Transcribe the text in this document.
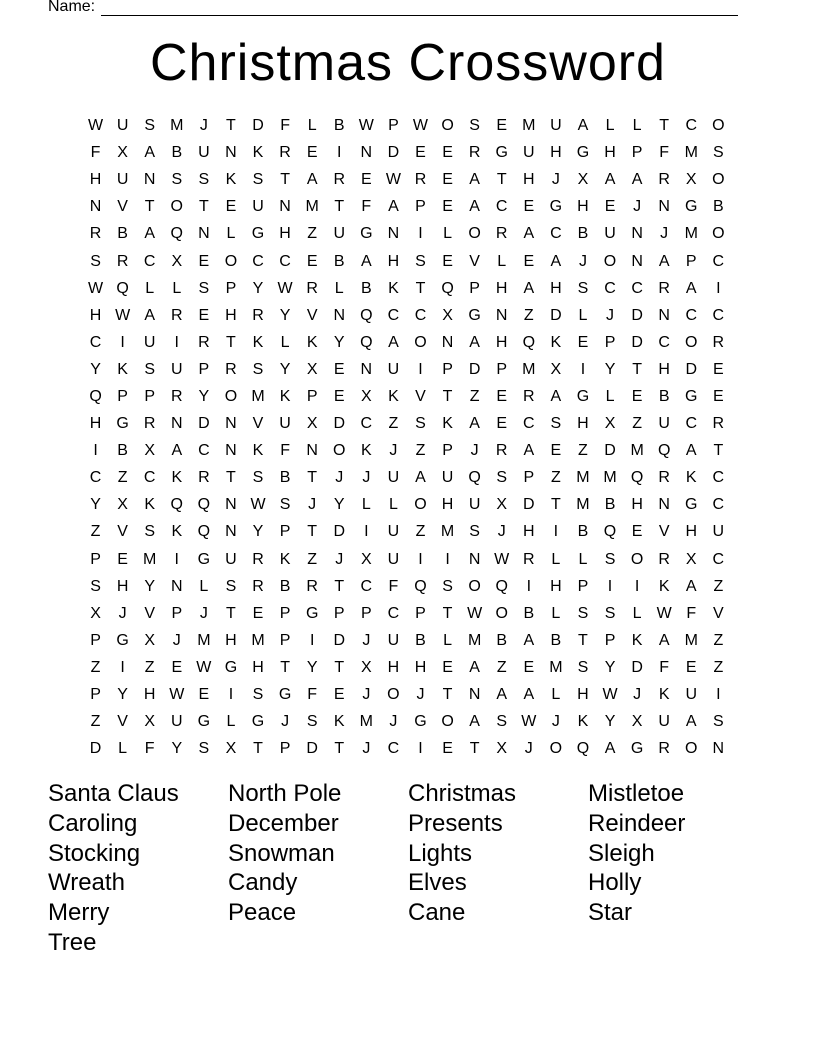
Name:
Christmas Crossword
W U S M	J	T	D	F	L	B W P W O S	E M U A	L	L	T	C O
F	X	A	B U N K R E	I	N D E	E R G U H G H P	F M S
H U N S	S	K	S	T	A R E W R E	A	T	H	J	X	A	A R X O
N V	T O T	E U N M T	F	A	P	E	A C E G H E	J	N G B
R B	A Q N	L	G H	Z	U G N	I	L	O R A C B U N	J	M O
S R C X	E O C C E	B	A H S	E	V	L	E	A	J	O N A	P C
W Q	L	L	S	P	Y W R	L	B	K	T Q P H A H S C C R A	I
H W A R E H R Y	V N Q C C X G N	Z	D	L	J	D N C C
C	I	U	I	R	T	K	L	K	Y Q A O N A H Q K	E	P D C O R
Y	K	S U P R S	Y	X	E N U	I	P D P M X	I	Y	T	H D E
Q P	P R Y O M K	P	E	X	K	V	T	Z	E R A G	L	E	B G E
H G R N D N V U X D C	Z	S	K	A	E C S H X	Z	U C R
I	B	X	A C N K	F	N O K	J	Z	P	J	R A	E	Z	D M Q A	T
C	Z	C K R	T	S	B	T	J	J	U A U Q S	P	Z M M Q R K C
Y	X	K Q Q N W S	J	Y	L	L	O H U X D	T M B H N G C
Z	V	S	K Q N Y	P	T	D	I	U	Z M S	J	H	I	B Q E	V H U
P	E M	I	G U R K	Z	J	X U	I	I	N W R	L	L	S O R X C
S H Y N	L	S R B R	T	C	F Q S O Q	I	H P	I	I	K	A	Z
X	J	V	P	J	T	E	P G P	P C P	T W O B	L	S	S	L W F	V
P G X	J	M H M P	I	D	J	U B	L M B	A	B	T	P	K	A M Z
Z	I	Z	E W G H	T	Y	T	X H H E	A	Z	E M S	Y D	F	E	Z
P	Y H W E	I	S G F	E	J	O	J	T	N A	A	L	H W J	K U	I
Z	V	X U G	L	G	J	S	K M	J	G O A	S W J	K	Y	X U A	S
D	L	F	Y	S	X	T	P D	T	J	C	I	E	T	X	J	O Q A G R O N
Santa Claus	North Pole	Christmas	Mistletoe
Caroling	December	Presents	Reindeer
Stocking	Snowman	Lights	Sleigh
Wreath	Candy	Elves	Holly
Merry	Peace	Cane	Star
Tree
